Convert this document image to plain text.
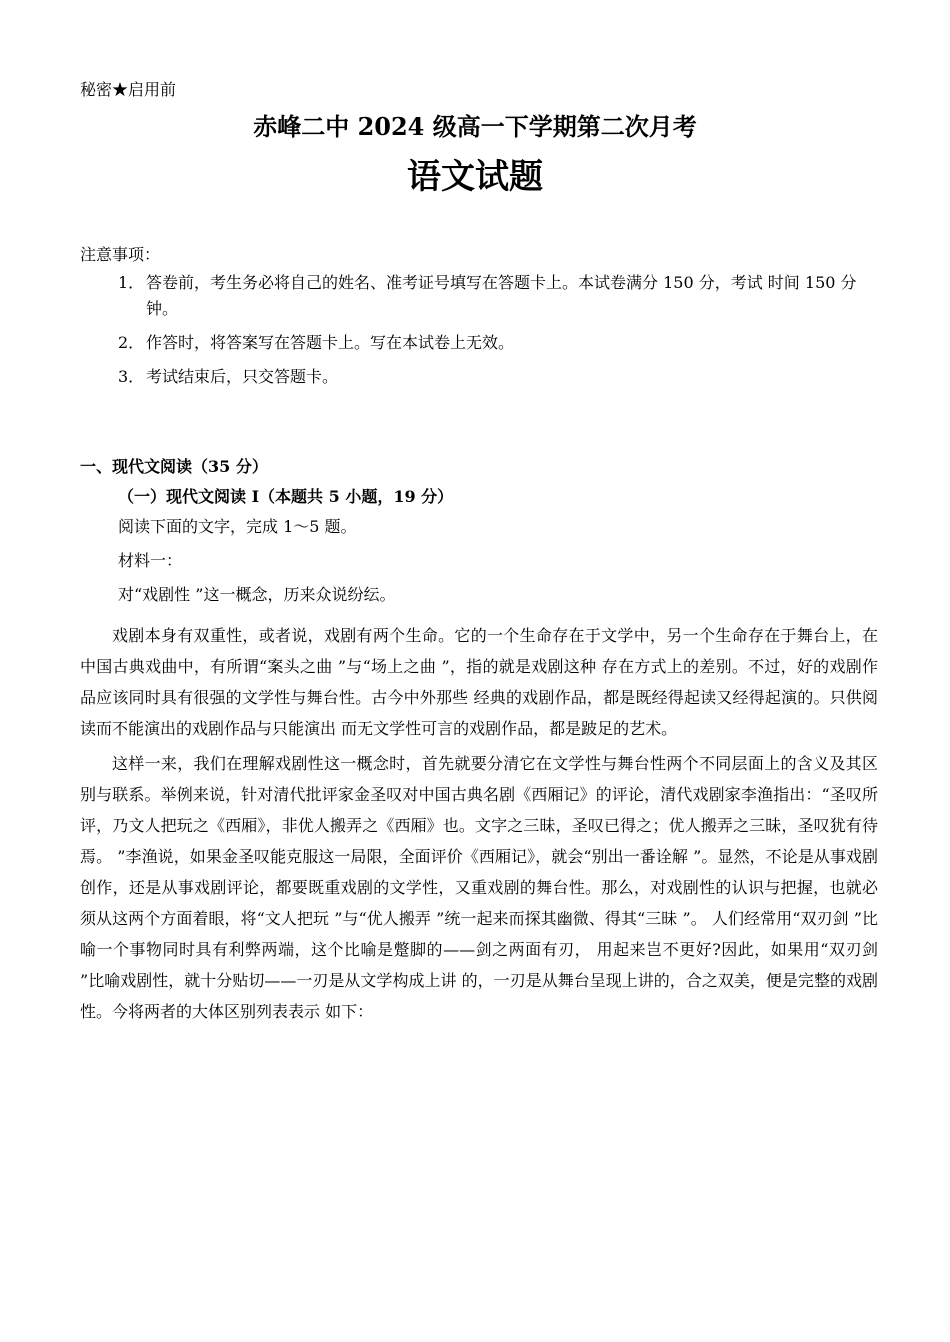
秘密★启用前
赤峰二中 2024 级高一下学期第二次月考
语文试题
注意事项：
1． 答卷前，考生务必将自己的姓名、准考证号填写在答题卡上。本试卷满分 150 分，考试 时间 150 分钟。
2． 作答时，将答案写在答题卡上。写在本试卷上无效。
3． 考试结束后，只交答题卡。
一、现代文阅读（35 分）
（一）现代文阅读 Ⅰ（本题共 5 小题，19 分）
阅读下面的文字，完成 1～5 题。
材料一：
对“戏剧性 ”这一概念，历来众说纷纭。

戏剧本身有双重性，或者说，戏剧有两个生命。它的一个生命存在于文学中，另一个生命存在于舞台上，在中国古典戏曲中，有所谓“案头之曲 ”与“场上之曲 ”，指的就是戏剧这种 存在方式上的差别。不过，好的戏剧作品应该同时具有很强的文学性与舞台性。古今中外那些 经典的戏剧作品，都是既经得起读又经得起演的。只供阅读而不能演出的戏剧作品与只能演出 而无文学性可言的戏剧作品，都是跛足的艺术。

这样一来，我们在理解戏剧性这一概念时，首先就要分清它在文学性与舞台性两个不同层面上的含义及其区别与联系。举例来说，针对清代批评家金圣叹对中国古典名剧《西厢记》的评论，清代戏剧家李渔指出：“圣叹所评，乃文人把玩之《西厢》，非优人搬弄之《西厢》也。文字之三昧，圣叹已得之；优人搬弄之三昧，圣叹犹有待焉。 ”李渔说，如果金圣叹能克服这一局限，全面评价《西厢记》，就会“别出一番诠解 ”。显然，不论是从事戏剧创作，还是从事戏剧评论，都要既重戏剧的文学性，又重戏剧的舞台性。那么，对戏剧性的认识与把握，也就必须从这两个方面着眼，将“文人把玩 ”与“优人搬弄 ”统一起来而探其幽微、得其“三昧 ”。 人们经常用“双刃剑 ”比喻一个事物同时具有利弊两端，这个比喻是蹩脚的——剑之两面有刃， 用起来岂不更好?因此，如果用“双刃剑 ”比喻戏剧性，就十分贴切——一刃是从文学构成上讲 的，一刃是从舞台呈现上讲的，合之双美，便是完整的戏剧性。今将两者的大体区别列表表示 如下：
